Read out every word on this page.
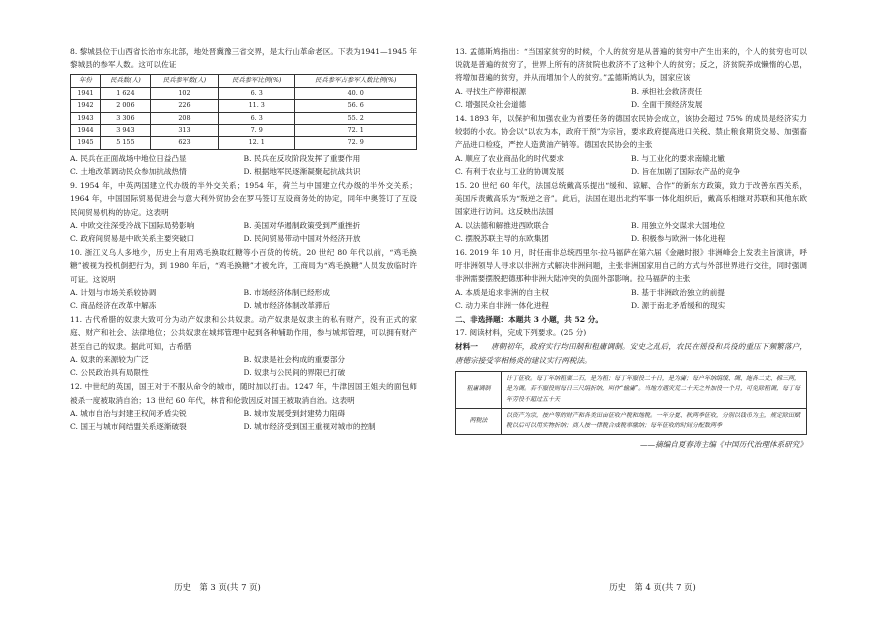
8. 黎城县位于山西省长治市东北部，地处晋冀豫三省交界，是太行山革命老区。下表为1941—1945 年黎城县的参军人数。这可以佐证
年份	民兵数(人)	民兵参军数(人)	民兵参军比例(%)	民兵参军占参军人数比例(%)
1941	1 624	102	6. 3	40. 0
1942	2 006	226	11. 3	56. 6
1943	3 306	208	6. 3	55. 2
1944	3 943	313	7. 9	72. 1
1945	5 155	623	12. 1	72. 9
A. 民兵在正面战场中地位日益凸显	B. 民兵在反攻阶段发挥了重要作用
C. 土地改革调动民众参加抗战热情	D. 根据地军民逐渐凝聚起抗战共识
9. 1954 年，中英两国建立代办级的半外交关系；1954 年，荷兰与中国建立代办级的半外交关系；1964 年，中国国际贸易促进会与意大利外贸协会在罗马签订互设商务处的协定，同年中奥签订了互设民间贸易机构的协定。这表明
A. 中欧交往深受冷战下国际局势影响	B. 美国对华遏制政策受到严重挫折
C. 政府间贸易是中欧关系主要突破口	D. 民间贸易带动中国对外经济开放
10. 浙江义乌人多地少，历史上有用鸡毛换取红糖等小百货的传统。20 世纪 80 年代以前，“鸡毛换糖”被视为投机倒把行为，到 1980 年后，“鸡毛换糖”才被允许，工商局为“鸡毛换糖”人员发放临时许可证。这说明
A. 计划与市场关系较协调	B. 市场经济体制已经形成
C. 商品经济在改革中解冻	D. 城市经济体制改革滞后
11. 古代希腊的奴隶大致可分为动产奴隶和公共奴隶。动产奴隶是奴隶主的私有财产，没有正式的家庭、财产和社会、法律地位；公共奴隶在城邦管理中起到各种辅助作用，参与城邦管理，可以拥有财产甚至自己的奴隶。据此可知，古希腊
A. 奴隶的来源较为广泛	B. 奴隶是社会构成的重要部分
C. 公民政治具有局限性	D. 奴隶与公民间的界限已打破
12. 中世纪的英国，国王对于不服从命令的城市，随时加以打击。1247 年，牛津因国王姐夫的面包师被杀一度被取消自治；13 世纪 60 年代，林肯和伦敦因反对国王被取消自治。这表明
A. 城市自治与封建王权间矛盾尖锐	B. 城市发展受到封建势力阻碍
C. 国王与城市间结盟关系逐渐破裂	D. 城市经济受到国王重视对城市的控制
历史　第 3 页(共 7 页)
13. 孟德斯鸠指出：“当国家贫穷的时候，个人的贫穷是从普遍的贫穷中产生出来的，个人的贫穷也可以说就是普遍的贫穷了，世界上所有的济贫院也救济不了这种个人的贫穷；反之，济贫院养成懒惰的心思，将增加普遍的贫穷，并从而增加个人的贫穷。”孟德斯鸠认为，国家应该
A. 寻找生产停滞根源	B. 承担社会救济责任
C. 增强民众社会道德	D. 全面干预经济发展
14. 1893 年，以保护和加强农业为首要任务的德国农民协会成立，该协会超过 75% 的成员是经济实力较弱的小农。协会以“以农为本，政府干预”为宗旨，要求政府提高进口关税、禁止粮食期货交易、加强畜产品进口检疫，严控人造黄油产销等。德国农民协会的主张
A. 顺应了农业商品化的时代要求	B. 与工业化的要求南辕北辙
C. 有利于农业与工业的协调发展	D. 旨在加剧了国际农产品的竞争
15. 20 世纪 60 年代，法国总统戴高乐提出“缓和、谅解、合作”的新东方政策，致力于改善东西关系，美国斥责戴高乐为“叛逆之音”。此后，法国在退出北约军事一体化组织后，戴高乐相继对苏联和其他东欧国家进行访问。这反映出法国
A. 以法德和解推进西欧联合	B. 用独立外交谋求大国地位
C. 摆脱苏联主导的东欧集团	D. 积极参与欧洲一体化进程
16. 2019 年 10 月，时任南非总统西里尔·拉马福萨在第六届《金融时报》非洲峰会上发表主旨演讲，呼吁非洲领导人寻求以非洲方式解决非洲问题，主张非洲国家用自己的方式与外部世界进行交往，同时强调非洲需要摆脱把德那种非洲大陆冲突的负面外部影响。拉马福萨的主张
A. 本质是追求非洲的自主权	B. 基于非洲政治独立的前提
C. 动力来自非洲一体化进程	D. 源于南北矛盾缓和的现实
二、非选择题：本题共 3 小题，共 52 分。
17. 阅读材料，完成下列要求。(25 分)
材料一 　 唐朝初年，政府实行均田制和租庸调制。安史之乱后，农民在徭役和兵役的重压下频繁落户，唐德宗接受宰相杨炎的建议实行两税法。
租庸调制	计丁征收。每丁年纳租粟二石，是为租；每丁年服役二十日，是为庸；每户年纳绢绫、绸、絁各二丈、棉三两，是为调。若不服役则每日三尺绢折纳，叫作“输庸”。当地方遇灾荒二十天之外加役一个月，可免除租调，每丁每年劳役不超过五十天
两税法	以资产为宗，按户等的财产和各类田亩征收户税和地税。一年分夏、秋两季征收，分别以钱币为主，规定除田赋税以后可以用实物折纳；商人按一律税合成税率缴纳；每年征收的时间分配数两季
——摘编自夏春涛主编《中国历代治理体系研究》
历史　第 4 页(共 7 页)
